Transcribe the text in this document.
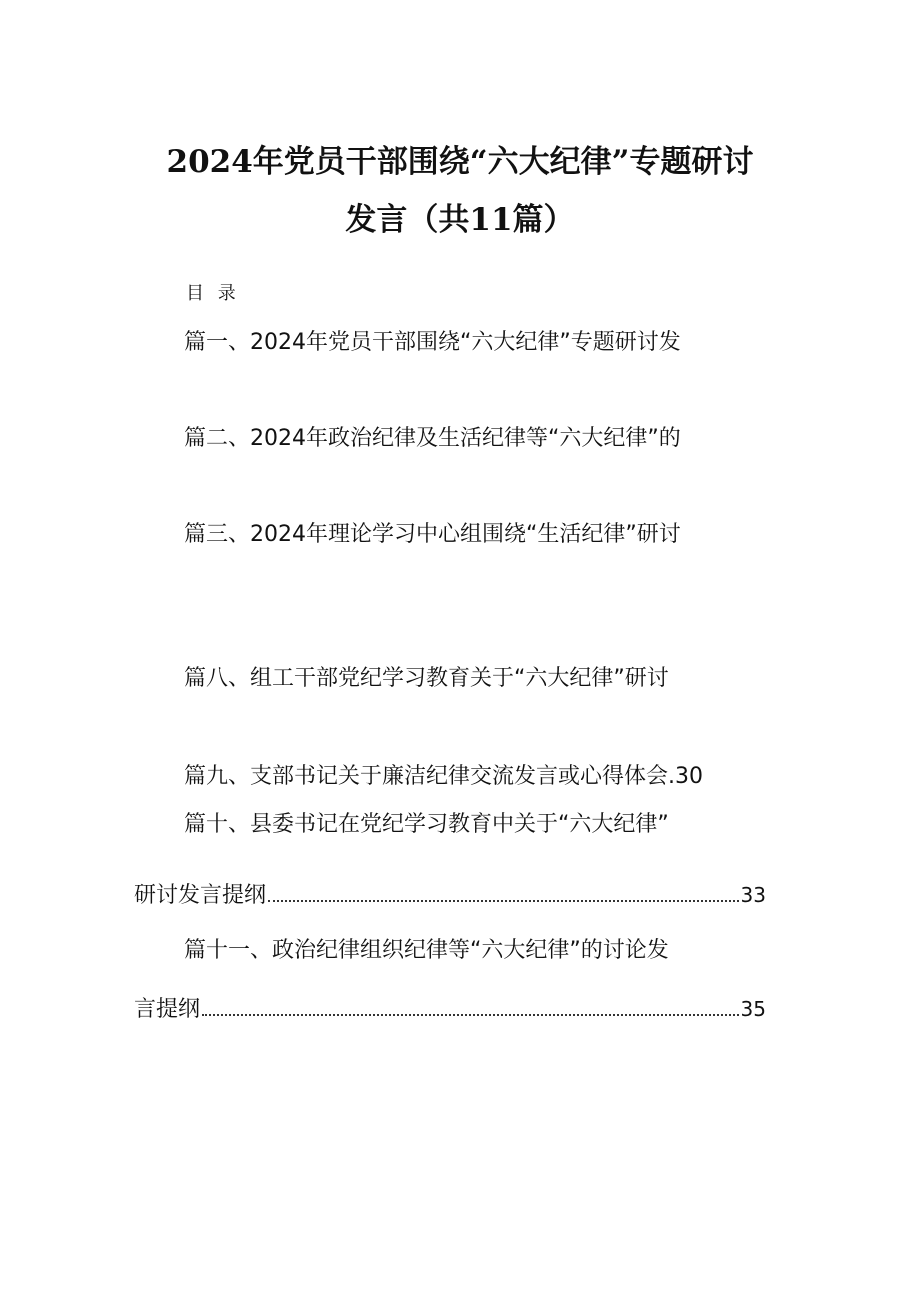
2024年党员干部围绕“六大纪律”专题研讨
发言（共11篇）
目 录
篇一、2024年党员干部围绕“六大纪律”专题研讨发
篇二、2024年政治纪律及生活纪律等“六大纪律”的
篇三、2024年理论学习中心组围绕“生活纪律”研讨
篇八、组工干部党纪学习教育关于“六大纪律”研讨
篇九、支部书记关于廉洁纪律交流发言或心得体会.30
篇十、县委书记在党纪学习教育中关于“六大纪律”
研讨发言提纲	33
篇十一、政治纪律组织纪律等“六大纪律”的讨论发
言提纲	35
